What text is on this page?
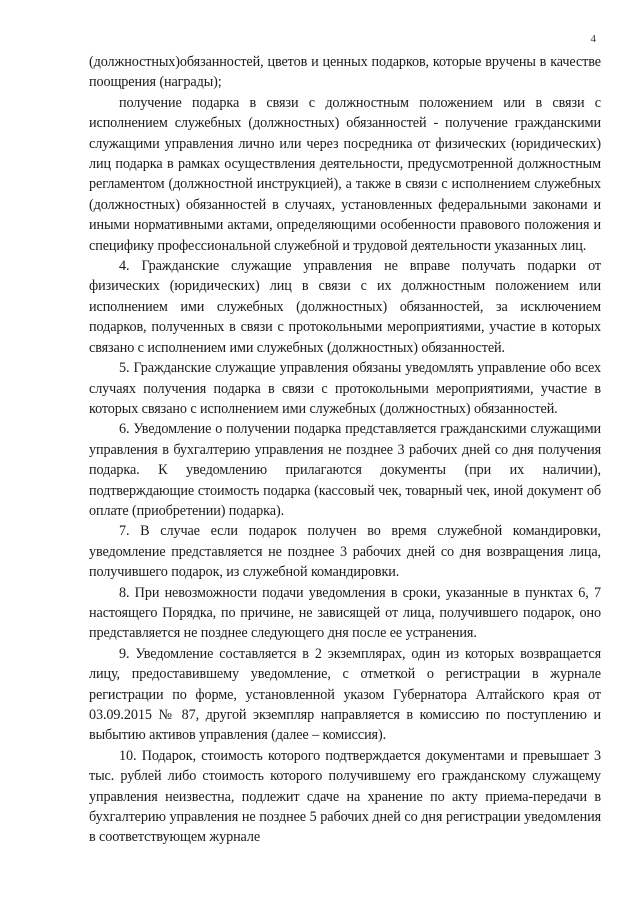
4

(должностных)обязанностей, цветов и ценных подарков, которые вручены в качестве поощрения (награды);

получение подарка в связи с должностным положением или в связи с исполнением служебных (должностных) обязанностей - получение гражданскими служащими управления лично или через посредника от физических (юридических) лиц подарка в рамках осуществления деятельности, предусмотренной должностным регламентом (должностной инструкцией), а также в связи с исполнением служебных (должностных) обязанностей в случаях, установленных федеральными законами и иными нормативными актами, определяющими особенности правового положения и специфику профессиональной служебной и трудовой деятельности указанных лиц.

4. Гражданские служащие управления не вправе получать подарки от физических (юридических) лиц в связи с их должностным положением или исполнением ими служебных (должностных) обязанностей, за исключением подарков, полученных в связи с протокольными мероприятиями, участие в которых связано с исполнением ими служебных (должностных) обязанностей.

5. Гражданские служащие управления обязаны уведомлять управление обо всех случаях получения подарка в связи с протокольными мероприятиями, участие в которых связано с исполнением ими служебных (должностных) обязанностей.

6. Уведомление о получении подарка представляется гражданскими служащими управления в бухгалтерию управления не позднее 3 рабочих дней со дня получения подарка. К уведомлению прилагаются документы (при их наличии), подтверждающие стоимость подарка (кассовый чек, товарный чек, иной документ об оплате (приобретении) подарка).

7. В случае если подарок получен во время служебной командировки, уведомление представляется не позднее 3 рабочих дней со дня возвращения лица, получившего подарок, из служебной командировки.

8. При невозможности подачи уведомления в сроки, указанные в пунктах 6, 7 настоящего Порядка, по причине, не зависящей от лица, получившего подарок, оно представляется не позднее следующего дня после ее устранения.

9. Уведомление составляется в 2 экземплярах, один из которых возвращается лицу, предоставившему уведомление, с отметкой о регистрации в журнале регистрации по форме, установленной указом Губернатора Алтайского края от 03.09.2015 № 87, другой экземпляр направляется в комиссию по поступлению и выбытию активов управления (далее – комиссия).

10. Подарок, стоимость которого подтверждается документами и превышает 3 тыс. рублей либо стоимость которого получившему его гражданскому служащему управления неизвестна, подлежит сдаче на хранение по акту приема-передачи в бухгалтерию управления не позднее 5 рабочих дней со дня регистрации уведомления в соответствующем журнале
